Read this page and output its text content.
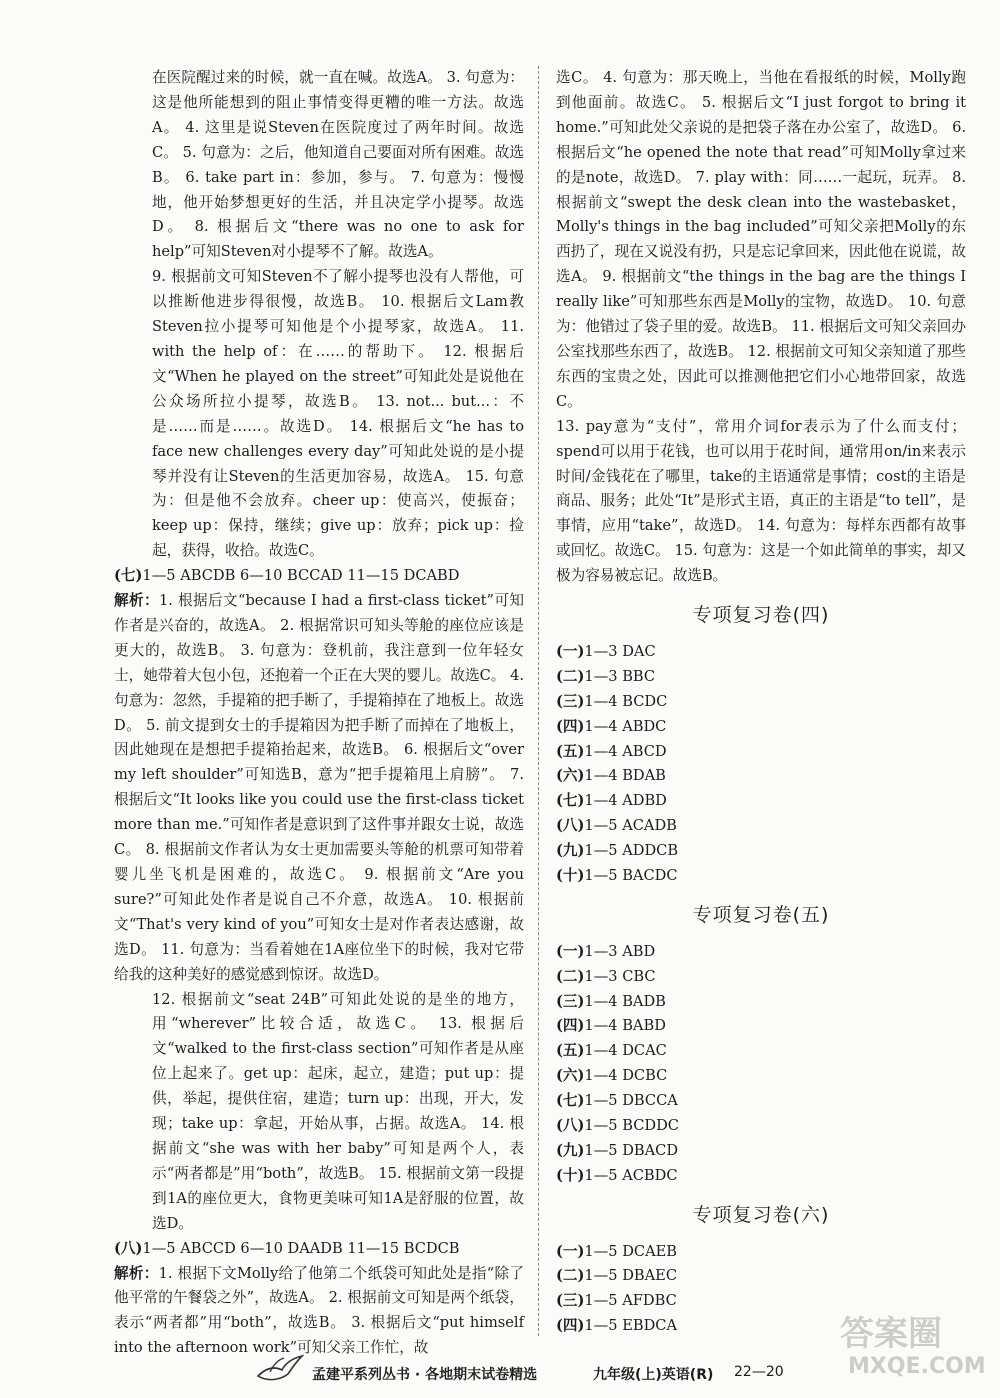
在医院醒过来的时候，就一直在喊。故选A。 3. 句意为：这是他所能想到的阻止事情变得更糟的唯一方法。故选A。 4. 这里是说Steven在医院度过了两年时间。故选C。 5. 句意为：之后，他知道自己要面对所有困难。故选B。 6. take part in：参加，参与。 7. 句意为：慢慢地，他开始梦想更好的生活，并且决定学小提琴。故选D。 8. 根据后文“there was no one to ask for help”可知Steven对小提琴不了解。故选A。

9. 根据前文可知Steven不了解小提琴也没有人帮他，可以推断他进步得很慢，故选B。 10. 根据后文Lam教Steven拉小提琴可知他是个小提琴家，故选A。 11. with the help of：在……的帮助下。 12. 根据后文“When he played on the street”可知此处是说他在公众场所拉小提琴，故选B。 13. not... but...：不是……而是……。故选D。 14. 根据后文“he has to face new challenges every day”可知此处说的是小提琴并没有让Steven的生活更加容易，故选A。 15. 句意为：但是他不会放弃。cheer up：使高兴，使振奋；keep up：保持，继续；give up：放弃；pick up：捡起，获得，收拾。故选C。

(七)1—5 ABCDB 6—10 BCCAD 11—15 DCABD

解析：1. 根据后文“because I had a first-class ticket”可知作者是兴奋的，故选A。 2. 根据常识可知头等舱的座位应该是更大的，故选B。 3. 句意为：登机前，我注意到一位年轻女士，她带着大包小包，还抱着一个正在大哭的婴儿。故选C。 4. 句意为：忽然，手提箱的把手断了，手提箱掉在了地板上。故选D。 5. 前文提到女士的手提箱因为把手断了而掉在了地板上，因此她现在是想把手提箱抬起来，故选B。 6. 根据后文“over my left shoulder”可知选B，意为“把手提箱甩上肩膀”。 7. 根据后文“It looks like you could use the first-class ticket more than me.”可知作者是意识到了这件事并跟女士说，故选C。 8. 根据前文作者认为女士更加需要头等舱的机票可知带着婴儿坐飞机是困难的，故选C。 9. 根据前文“Are you sure?”可知此处作者是说自己不介意，故选A。 10. 根据前文“That's very kind of you”可知女士是对作者表达感谢，故选D。 11. 句意为：当看着她在1A座位坐下的时候，我对它带给我的这种美好的感觉感到惊讶。故选D。

12. 根据前文“seat 24B”可知此处说的是坐的地方，用“wherever”比较合适，故选C。 13. 根据后文“walked to the first-class section”可知作者是从座位上起来了。get up：起床，起立，建造；put up：提供，举起，提供住宿，建造；turn up：出现，开大，发现；take up：拿起，开始从事，占据。故选A。 14. 根据前文“she was with her baby”可知是两个人，表示“两者都是”用“both”，故选B。 15. 根据前文第一段提到1A的座位更大，食物更美味可知1A是舒服的位置，故选D。

(八)1—5 ABCCD 6—10 DAADB 11—15 BCDCB

解析：1. 根据下文Molly给了他第二个纸袋可知此处是指“除了他平常的午餐袋之外”，故选A。 2. 根据前文可知是两个纸袋，表示“两者都”用“both”，故选B。 3. 根据后文“put himself into the afternoon work”可知父亲工作忙，故

选C。 4. 句意为：那天晚上，当他在看报纸的时候，Molly跑到他面前。故选C。 5. 根据后文“I just forgot to bring it home.”可知此处父亲说的是把袋子落在办公室了，故选D。 6. 根据后文“he opened the note that read”可知Molly拿过来的是note，故选D。 7. play with：同……一起玩，玩弄。 8. 根据前文“swept the desk clean into the wastebasket，Molly's things in the bag included”可知父亲把Molly的东西扔了，现在又说没有扔，只是忘记拿回来，因此他在说谎，故选A。 9. 根据前文“the things in the bag are the things I really like”可知那些东西是Molly的宝物，故选D。 10. 句意为：他错过了袋子里的爱。故选B。 11. 根据后文可知父亲回办公室找那些东西了，故选B。 12. 根据前文可知父亲知道了那些东西的宝贵之处，因此可以推测他把它们小心地带回家，故选C。

13. pay意为“支付”，常用介词for表示为了什么而支付；spend可以用于花钱，也可以用于花时间，通常用on/in来表示时间/金钱花在了哪里，take的主语通常是事情；cost的主语是商品、服务；此处“It”是形式主语，真正的主语是“to tell”，是事情，应用“take”，故选D。 14. 句意为：每样东西都有故事或回忆。故选C。 15. 句意为：这是一个如此简单的事实，却又极为容易被忘记。故选B。

专项复习卷(四)
(一)1—3 DAC
(二)1—3 BBC
(三)1—4 BCDC
(四)1—4 ABDC
(五)1—4 ABCD
(六)1—4 BDAB
(七)1—4 ADBD
(八)1—5 ACADB
(九)1—5 ADDCB
(十)1—5 BACDC
专项复习卷(五)
(一)1—3 ABD
(二)1—3 CBC
(三)1—4 BADB
(四)1—4 BABD
(五)1—4 DCAC
(六)1—4 DCBC
(七)1—5 DBCCA
(八)1—5 BCDDC
(九)1—5 DBACD
(十)1—5 ACBDC
专项复习卷(六)
(一)1—5 DCAEB
(二)1—5 DBAEC
(三)1—5 AFDBC
(四)1—5 EBDCA
孟建平系列丛书 · 各地期末试卷精选	九年级(上)英语(R) 22—20
答案圈
MXQE.COM
